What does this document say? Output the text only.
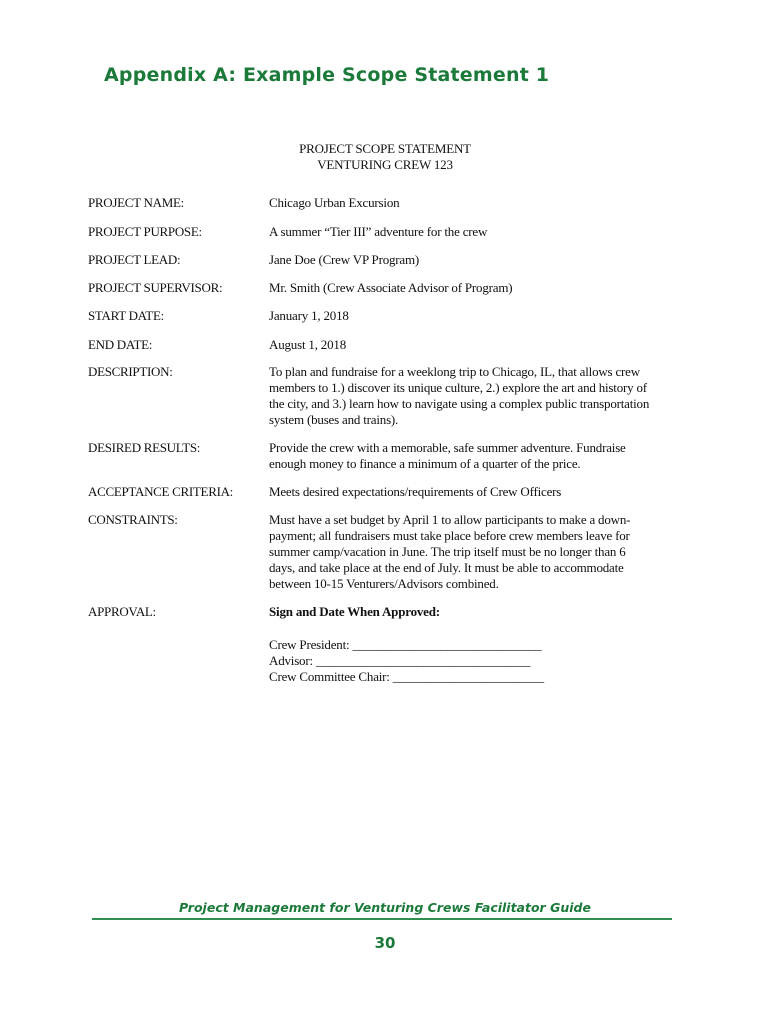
Appendix A: Example Scope Statement 1
PROJECT SCOPE STATEMENT
VENTURING CREW 123
PROJECT NAME:	Chicago Urban Excursion
PROJECT PURPOSE:	A summer “Tier III” adventure for the crew
PROJECT LEAD:	Jane Doe (Crew VP Program)
PROJECT SUPERVISOR:	Mr. Smith (Crew Associate Advisor of Program)
START DATE:	January 1, 2018
END DATE:	August 1, 2018
DESCRIPTION:	To plan and fundraise for a weeklong trip to Chicago, IL, that allows crew members to 1.) discover its unique culture, 2.) explore the art and history of the city, and 3.) learn how to navigate using a complex public transportation system (buses and trains).
DESIRED RESULTS:	Provide the crew with a memorable, safe summer adventure. Fundraise enough money to finance a minimum of a quarter of the price.
ACCEPTANCE CRITERIA:	Meets desired expectations/requirements of Crew Officers
CONSTRAINTS:	Must have a set budget by April 1 to allow participants to make a down-payment; all fundraisers must take place before crew members leave for summer camp/vacation in June. The trip itself must be no longer than 6 days, and take place at the end of July. It must be able to accommodate between 10-15 Venturers/Advisors combined.
APPROVAL:	Sign and Date When Approved:
Crew President: ______________________________
Advisor: __________________________________
Crew Committee Chair: ________________________
Project Management for Venturing Crews Facilitator Guide
30
